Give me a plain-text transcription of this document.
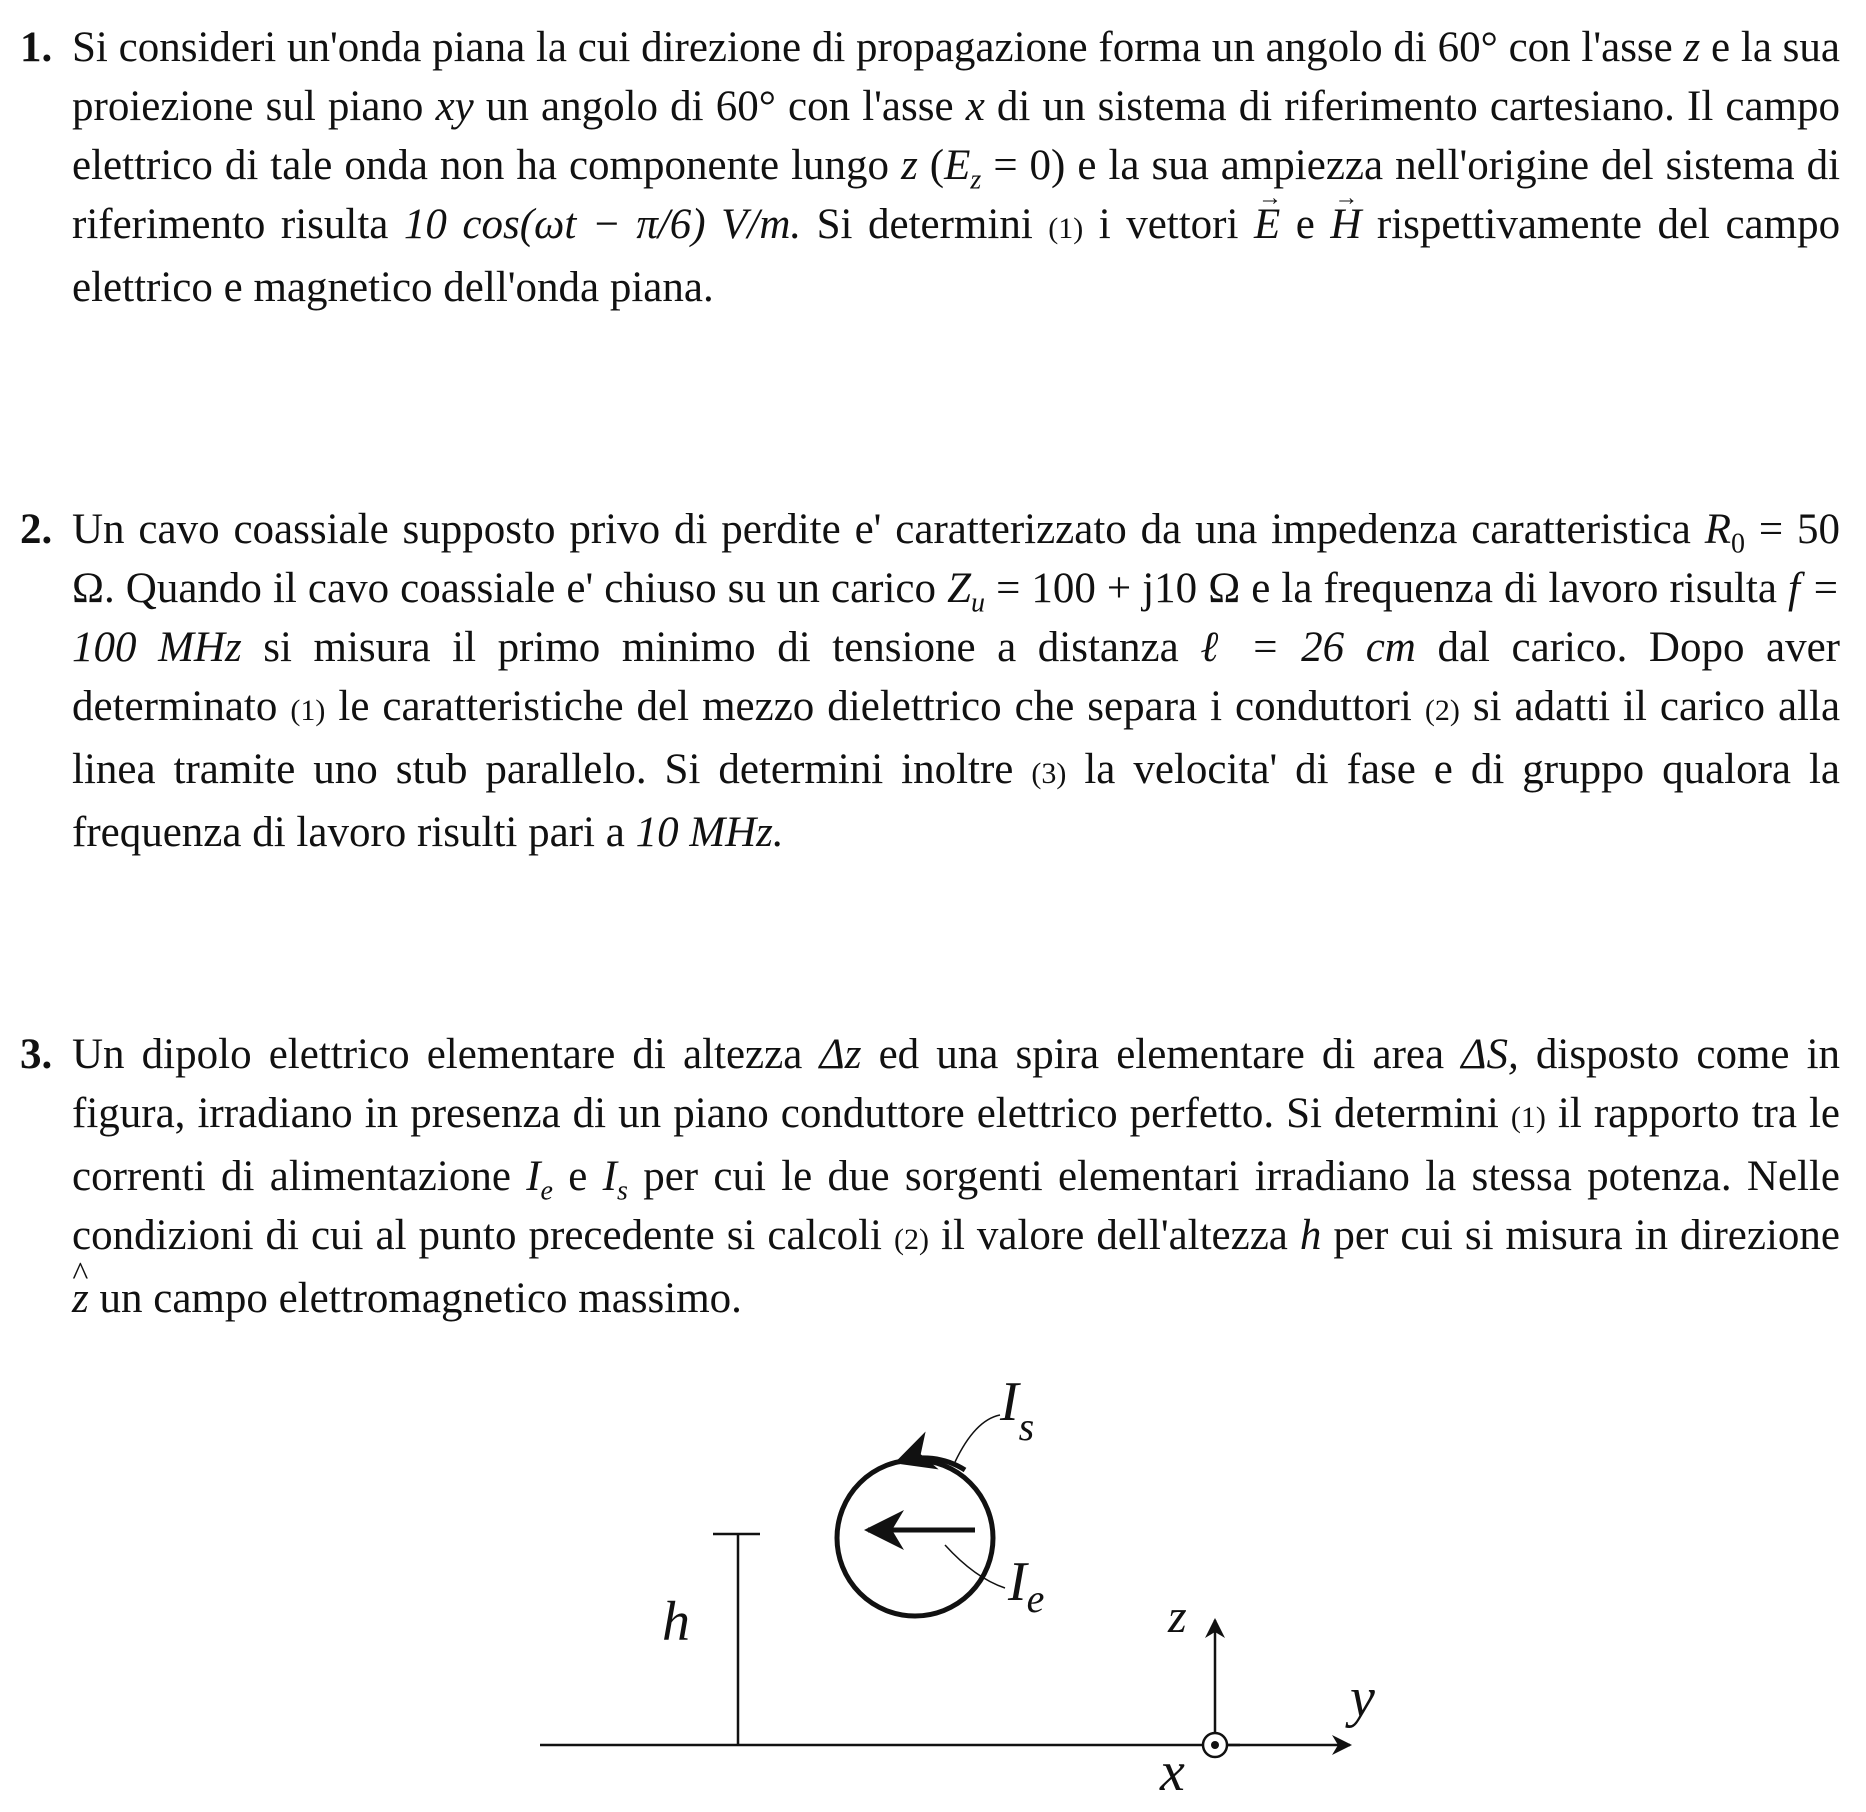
1. Si consideri un'onda piana la cui direzione di propagazione forma un angolo di 60° con l'asse z e la sua proiezione sul piano xy un angolo di 60° con l'asse x di un sistema di riferimento cartesiano. Il campo elettrico di tale onda non ha componente lungo z $(E_z = 0)$ e la sua ampiezza nell'origine del sistema di riferimento risulta 10 cos(ωt − π/6) V/m. Si determini (1) i vettori → E e → H rispettivamente del campo elettrico e magnetico dell'onda piana.
2. Un cavo coassiale supposto privo di perdite e' caratterizzato da una impedenza caratteristica $R_0 = 50$ Ω. Quando il cavo coassiale e' chiuso su un carico $Z_u = 100 + j10$ Ω e la frequenza di lavoro risulta f = 100 MHz si misura il primo minimo di tensione a distanza ℓ = 26 cm dal carico. Dopo aver determinato (1) le caratteristiche del mezzo dielettrico che separa i conduttori (2) si adatti il carico alla linea tramite uno stub parallelo. Si determini inoltre (3) la velocita' di fase e di gruppo qualora la frequenza di lavoro risulti pari a 10 MHz.
3. Un dipolo elettrico elementare di altezza Δz ed una spira elementare di area ΔS, disposto come in figura, irradiano in presenza di un piano conduttore elettrico perfetto. Si determini (1) il rapporto tra le correnti di alimentazione $I_e$ e $I_s$ per cui le due sorgenti elementari irradiano la stessa potenza. Nelle condizioni di cui al punto precedente si calcoli (2) il valore dell'altezza h per cui si misura in direzione ^ z un campo elettromagnetico massimo.
$I_s$
$I_e$
h	z
y
x
